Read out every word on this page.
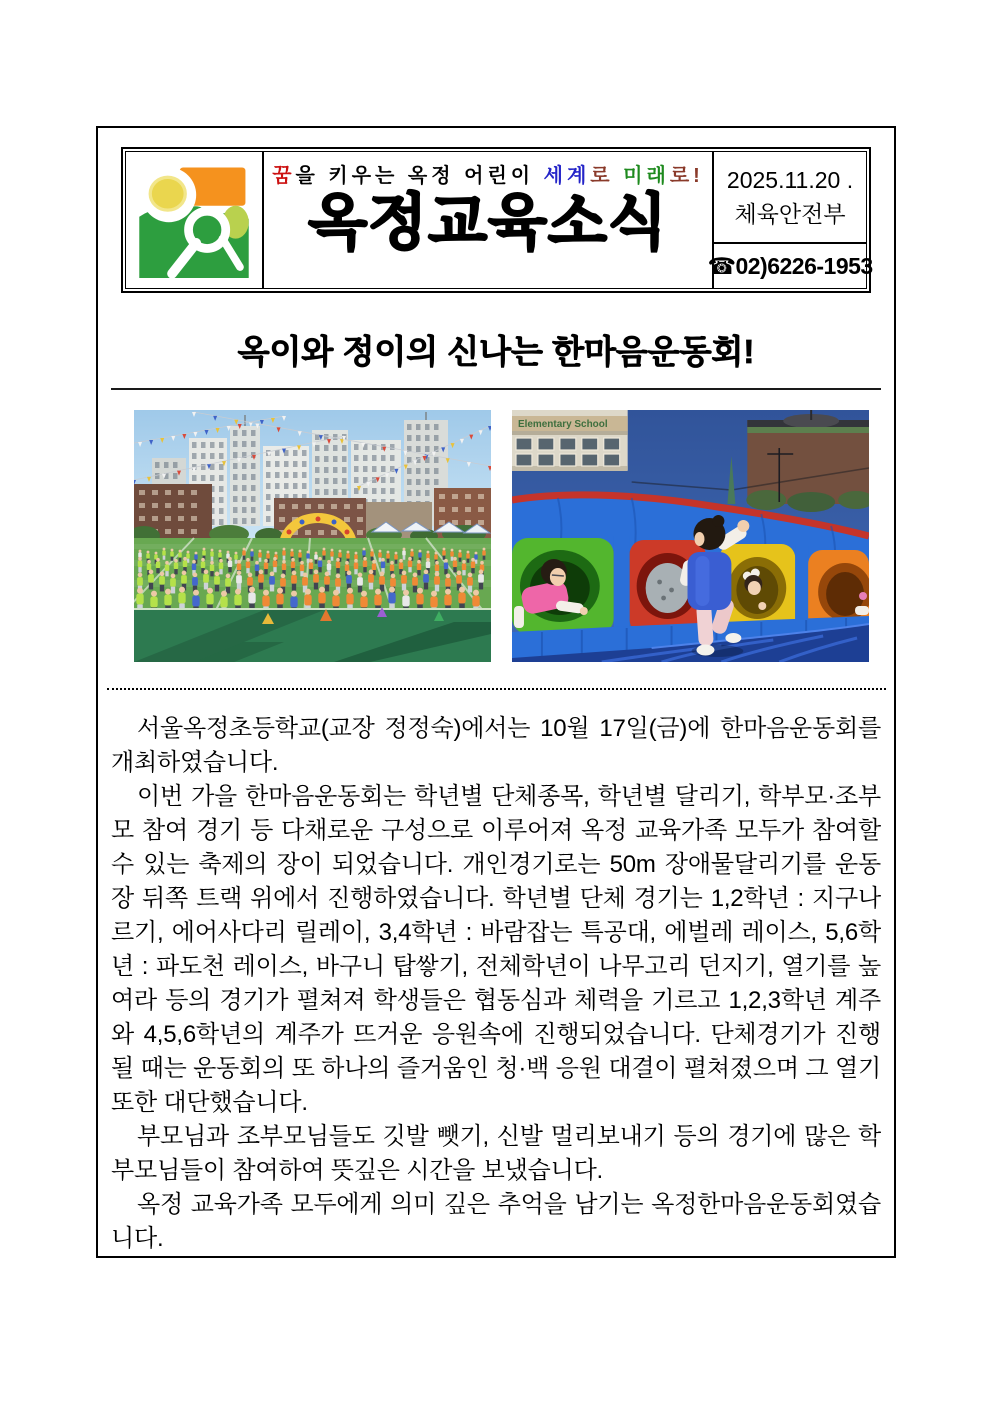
꿈을 키우는 옥정 어린이 세계로 미래로!
옥정교육소식
2025.11.20 .
체육안전부
☎02)6226-1953
옥이와 정이의 신나는 한마음운동회!
Elementary School

서울옥정초등학교(교장 정정숙)에서는 10월 17일(금)에 한마음운동회를 개최하였습니다.

이번 가을 한마음운동회는 학년별 단체종목, 학년별 달리기, 학부모·조부모 참여 경기 등 다채로운 구성으로 이루어져 옥정 교육가족 모두가 참여할 수 있는 축제의 장이 되었습니다. 개인경기로는 50m 장애물달리기를 운동장 뒤쪽 트랙 위에서 진행하였습니다. 학년별 단체 경기는 1,2학년 : 지구나르기, 에어사다리 릴레이, 3,4학년 : 바람잡는 특공대, 에벌레 레이스, 5,6학년 : 파도천 레이스, 바구니 탑쌓기, 전체학년이 나무고리 던지기, 열기를 높여라 등의 경기가 펼쳐져 학생들은 협동심과 체력을 기르고 1,2,3학년 계주와 4,5,6학년의 계주가 뜨거운 응원속에 진행되었습니다. 단체경기가 진행될 때는 운동회의 또 하나의 즐거움인 청·백 응원 대결이 펼쳐졌으며 그 열기 또한 대단했습니다.

부모님과 조부모님들도 깃발 뺏기, 신발 멀리보내기 등의 경기에 많은 학부모님들이 참여하여 뜻깊은 시간을 보냈습니다.

옥정 교육가족 모두에게 의미 깊은 추억을 남기는 옥정한마음운동회였습니다.
